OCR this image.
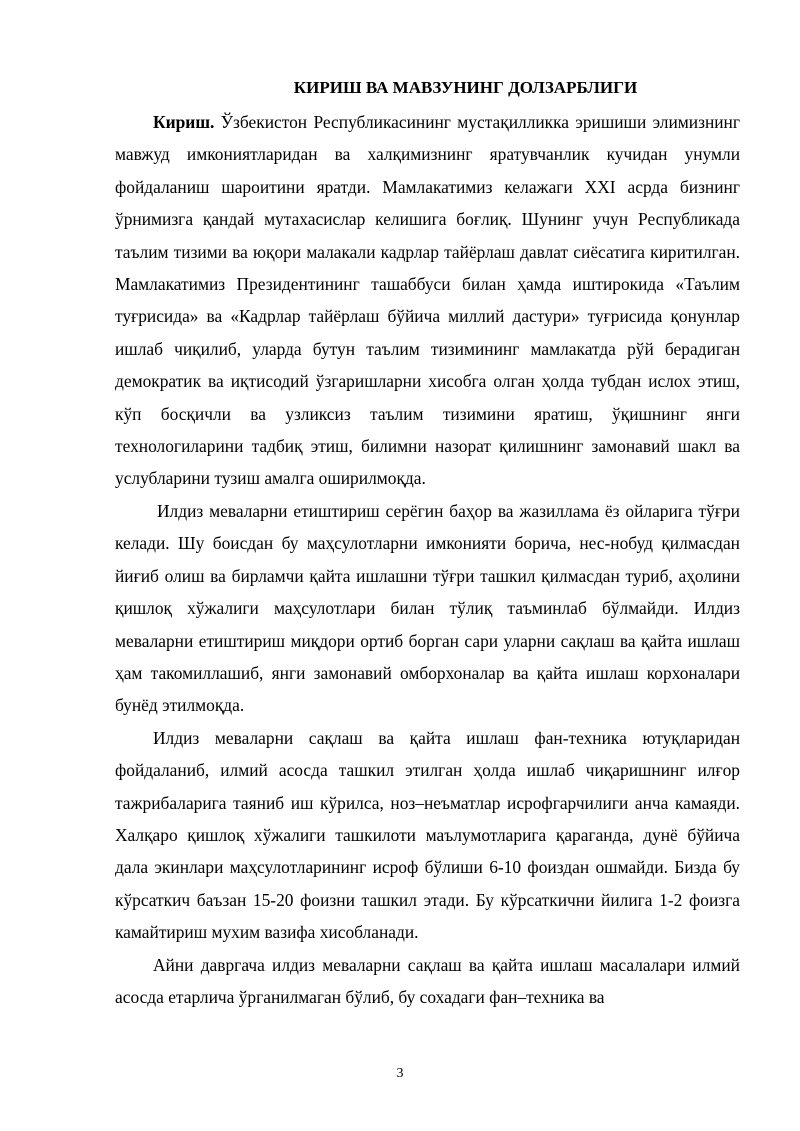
КИРИШ ВА МАВЗУНИНГ ДОЛЗАРБЛИГИ

Кириш. Ўзбекистон Республикасининг мустақилликка эришиши элимизнинг мавжуд имкониятларидан ва халқимизнинг яратувчанлик кучидан унумли фойдаланиш шароитини яратди. Мамлакатимиз келажаги XXI асрда бизнинг ўрнимизга қандай мутахасислар келишига боғлиқ. Шунинг учун Республикада таълим тизими ва юқори малакали кадрлар тайёрлаш давлат сиёсатига киритилган. Мамлакатимиз Президентининг ташаббуси билан ҳамда иштирокида «Таълим туғрисида» ва «Кадрлар тайёрлаш бўйича миллий дастури» туғрисида қонунлар ишлаб чиқилиб, уларда бутун таълим тизимининг мамлакатда рўй берадиган демократик ва иқтисодий ўзгаришларни хисобга олган ҳолда тубдан ислох этиш, кўп босқичли ва узликсиз таълим тизимини яратиш, ўқишнинг янги технологиларини тадбиқ этиш, билимни назорат қилишнинг замонавий шакл ва услубларини тузиш амалга оширилмоқда.

Илдиз меваларни етиштириш серёгин баҳор ва жазиллама ёз ойларига тўғри келади. Шу боисдан бу маҳсулотларни имконияти борича, нес-нобуд қилмасдан йиғиб олиш ва бирламчи қайта ишлашни тўғри ташкил қилмасдан туриб, аҳолини қишлоқ хўжалиги маҳсулотлари билан тўлиқ таъминлаб бўлмайди. Илдиз меваларни етиштириш миқдори ортиб борган сари уларни сақлаш ва қайта ишлаш ҳам такомиллашиб, янги замонавий омборхоналар ва қайта ишлаш корхоналари бунёд этилмоқда.

Илдиз меваларни сақлаш ва қайта ишлаш фан-техника ютуқларидан фойдаланиб, илмий асосда ташкил этилган ҳолда ишлаб чиқаришнинг илғор тажрибаларига таяниб иш кўрилса, ноз–неъматлар исрофгарчилиги анча камаяди. Халқаро қишлоқ хўжалиги ташкилоти маълумотларига қараганда, дунё бўйича дала экинлари маҳсулотларининг исроф бўлиши 6-10 фоиздан ошмайди. Бизда бу кўрсаткич баъзан 15-20 фоизни ташкил этади. Бу кўрсаткични йилига 1-2 фоизга камайтириш мухим вазифа хисобланади.

Айни давргача илдиз меваларни сақлаш ва қайта ишлаш масалалари илмий асосда етарлича ўрганилмаган бўлиб, бу сохадаги фан–техника ва

3
